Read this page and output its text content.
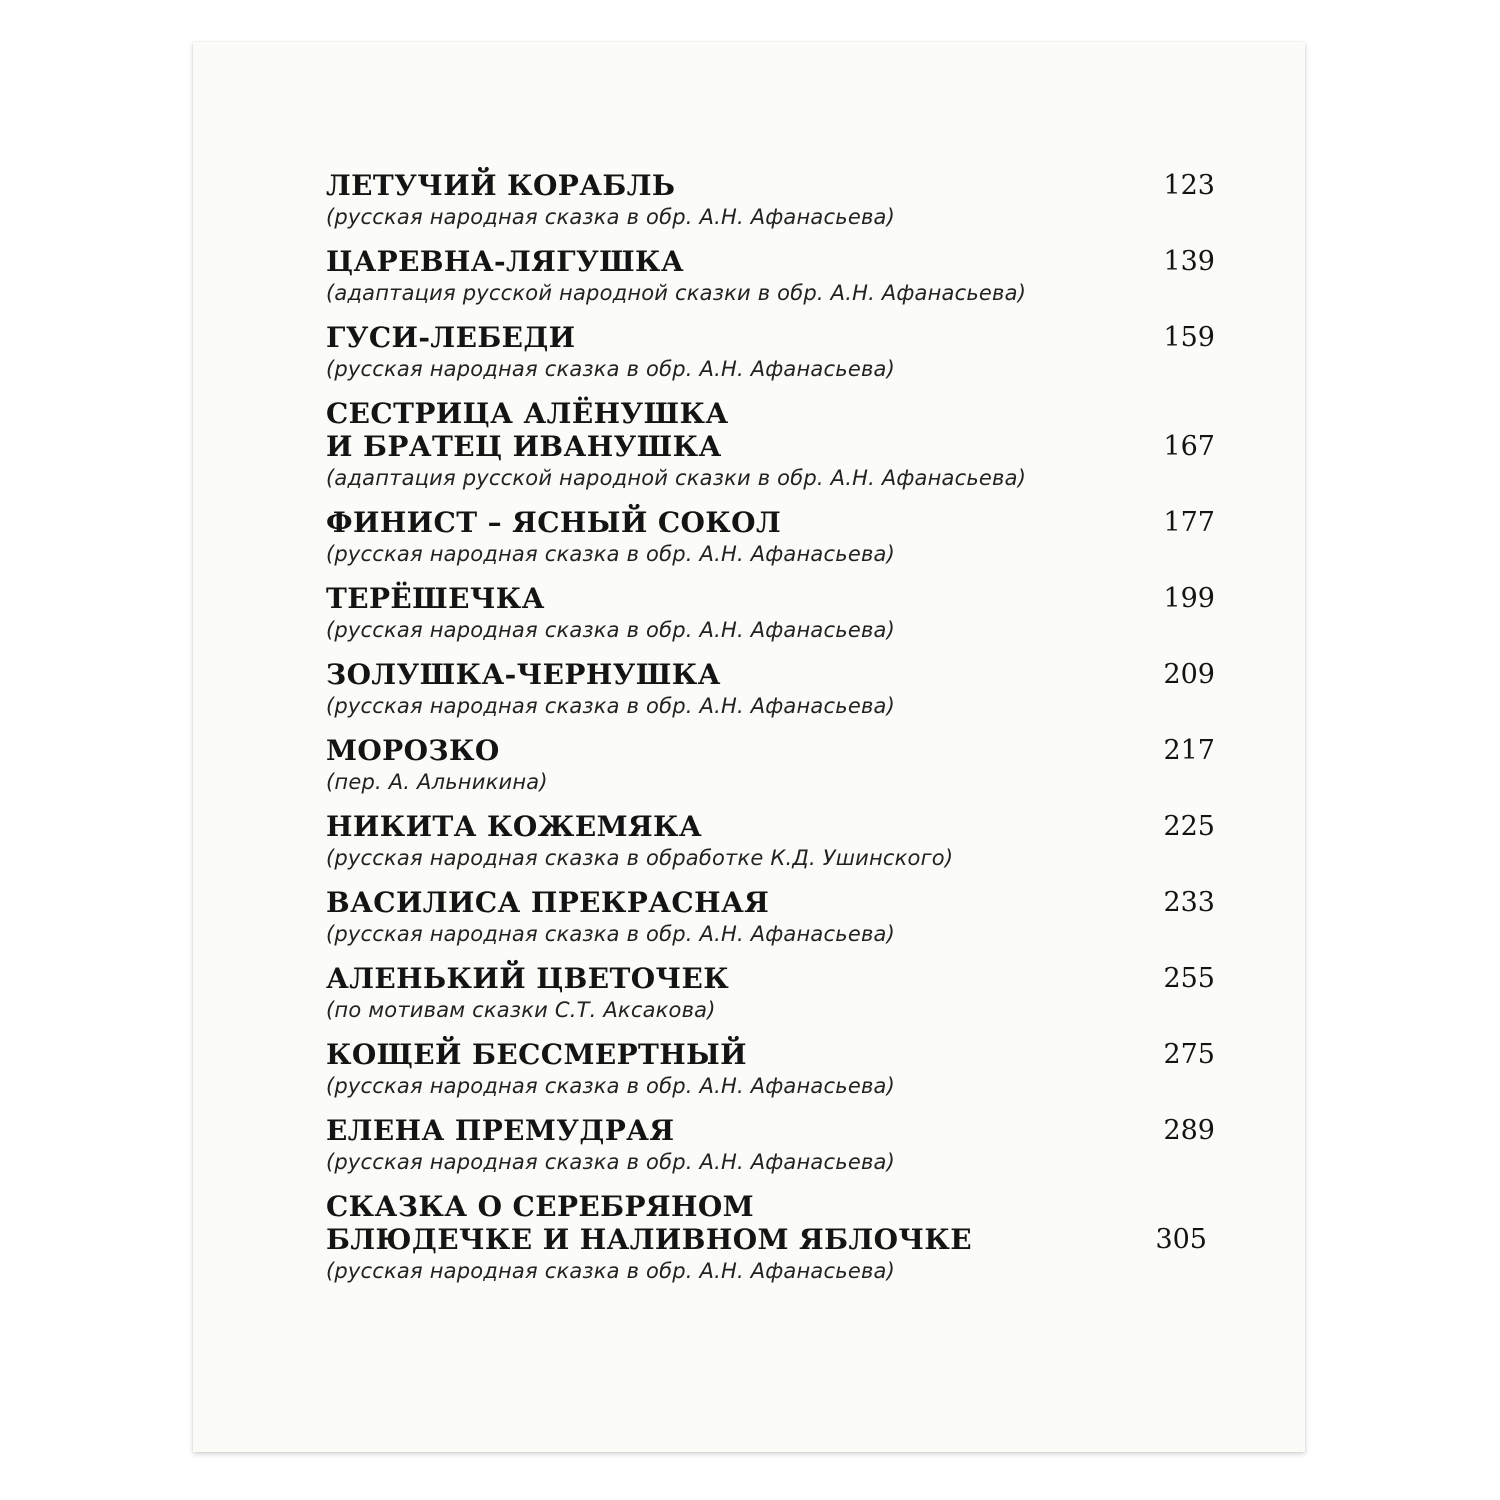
ЛЕТУЧИЙ КОРАБЛЬ
(русская народная сказка в обр. А.Н. Афанасьева)
123
ЦАРЕВНА-ЛЯГУШКА
(адаптация русской народной сказки в обр. А.Н. Афанасьева)
139
ГУСИ-ЛЕБЕДИ
(русская народная сказка в обр. А.Н. Афанасьева)
159
СЕСТРИЦА АЛЁНУШКА
И БРАТЕЦ ИВАНУШКА
(адаптация русской народной сказки в обр. А.Н. Афанасьева)
167
ФИНИСТ – ЯСНЫЙ СОКОЛ
(русская народная сказка в обр. А.Н. Афанасьева)
177
ТЕРЁШЕЧКА
(русская народная сказка в обр. А.Н. Афанасьева)
199
ЗОЛУШКА-ЧЕРНУШКА
(русская народная сказка в обр. А.Н. Афанасьева)
209
МОРОЗКО
(пер. А. Альникина)
217
НИКИТА КОЖЕМЯКА
(русская народная сказка в обработке К.Д. Ушинского)
225
ВАСИЛИСА ПРЕКРАСНАЯ
(русская народная сказка в обр. А.Н. Афанасьева)
233
АЛЕНЬКИЙ ЦВЕТОЧЕК
(по мотивам сказки С.Т. Аксакова)
255
КОЩЕЙ БЕССМЕРТНЫЙ
(русская народная сказка в обр. А.Н. Афанасьева)
275
ЕЛЕНА ПРЕМУДРАЯ
(русская народная сказка в обр. А.Н. Афанасьева)
289
СКАЗКА О СЕРЕБРЯНОМ
БЛЮДЕЧКЕ И НАЛИВНОМ ЯБЛОЧКЕ
(русская народная сказка в обр. А.Н. Афанасьева)
305
